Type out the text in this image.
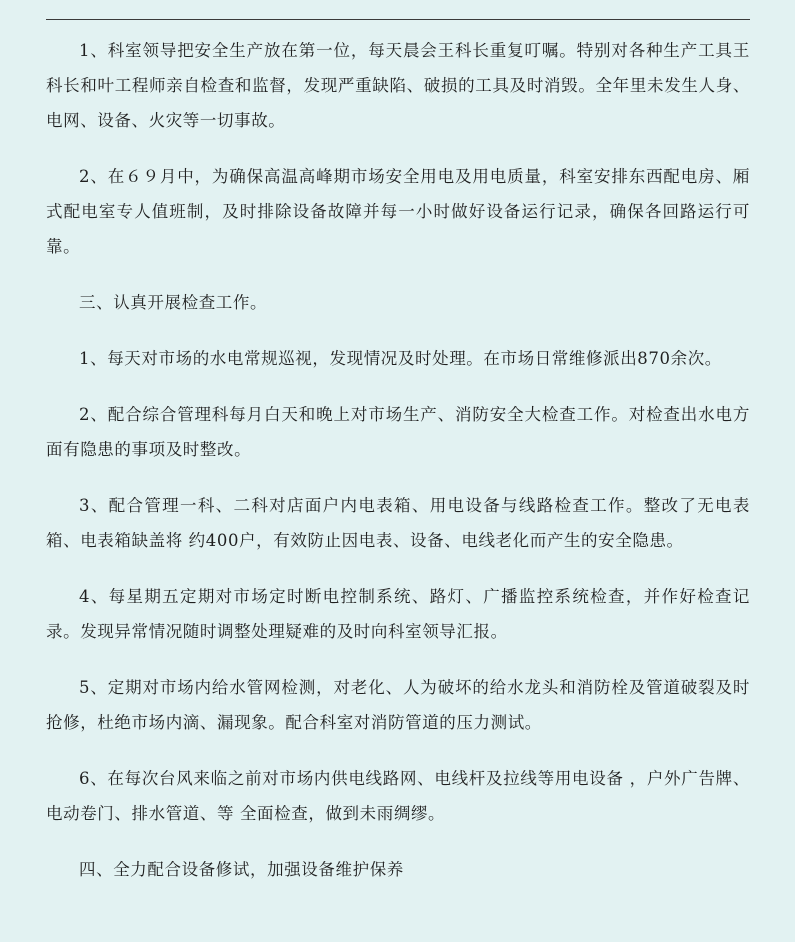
1、科室领导把安全生产放在第一位，每天晨会王科长重复叮嘱。特别对各种生产工具王科长和叶工程师亲自检查和监督，发现严重缺陷、破损的工具及时消毁。全年里未发生人身、电网、设备、火灾等一切事故。

2、在６９月中，为确保高温高峰期市场安全用电及用电质量，科室安排东西配电房、厢式配电室专人值班制，及时排除设备故障并每一小时做好设备运行记录，确保各回路运行可靠。

三、认真开展检查工作。

1、每天对市场的水电常规巡视，发现情况及时处理。在市场日常维修派出870余次。

2、配合综合管理科每月白天和晚上对市场生产、消防安全大检查工作。对检查出水电方面有隐患的事项及时整改。

3、配合管理一科、二科对店面户内电表箱、用电设备与线路检查工作。整改了无电表箱、电表箱缺盖将 约400户，有效防止因电表、设备、电线老化而产生的安全隐患。

4、每星期五定期对市场定时断电控制系统、路灯、广播监控系统检查，并作好检查记录。发现异常情况随时调整处理疑难的及时向科室领导汇报。

5、定期对市场内给水管网检测，对老化、人为破坏的给水龙头和消防栓及管道破裂及时抢修，杜绝市场内滴、漏现象。配合科室对消防管道的压力测试。

6、在每次台风来临之前对市场内供电线路网、电线杆及拉线等用电设备 ，户外广告牌、电动卷门、排水管道、等 全面检查，做到未雨绸缪。

四、全力配合设备修试，加强设备维护保养
